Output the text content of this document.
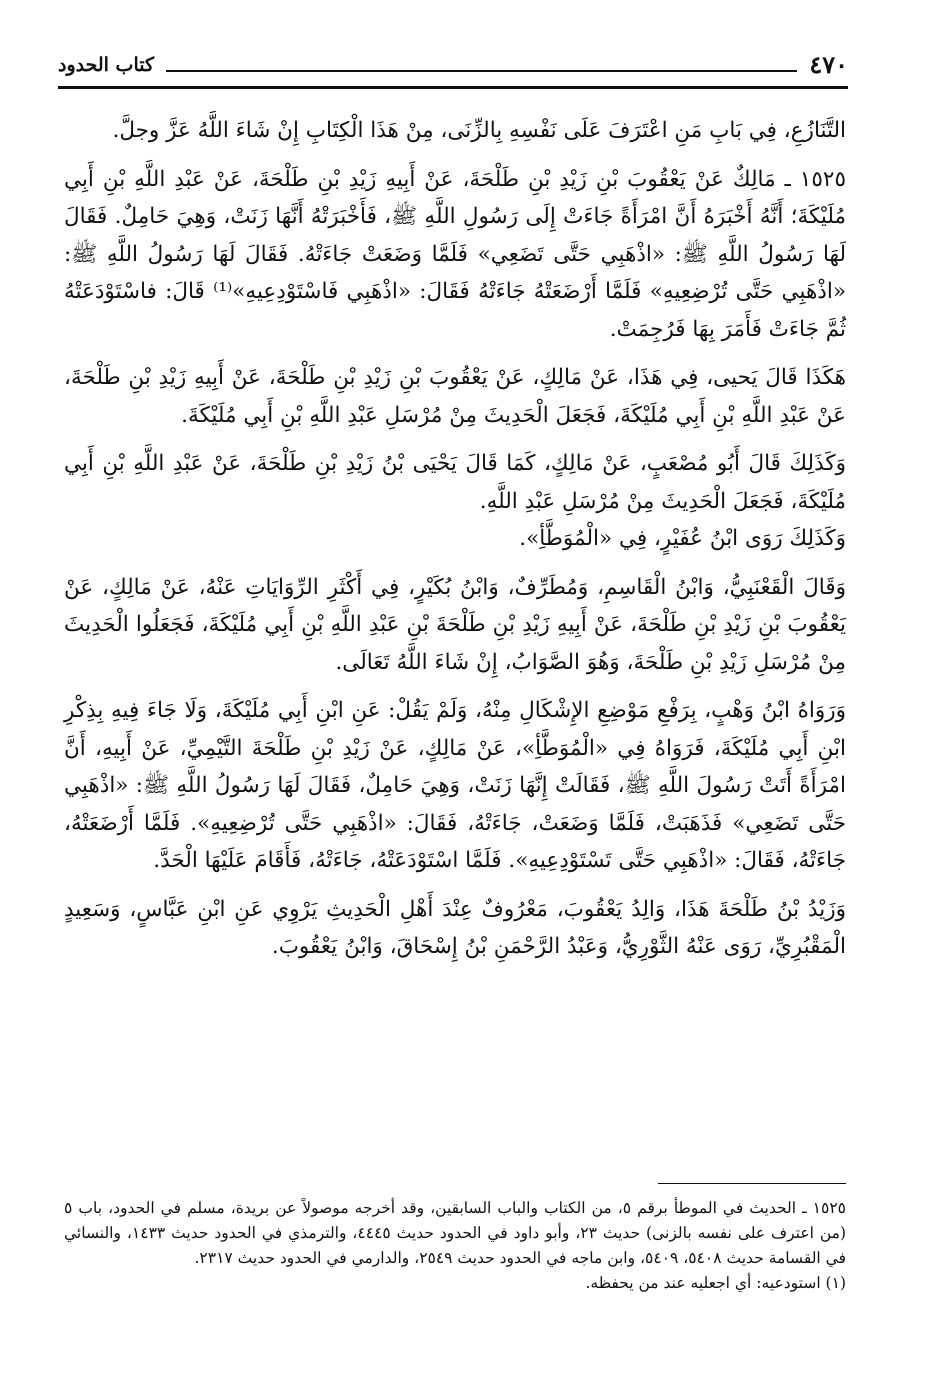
٤٧٠
كتاب الحدود

التَّنَازُعِ، فِي بَابِ مَنِ اعْتَرَفَ عَلَى نَفْسِهِ بِالزِّنَى، مِنْ هَذَا الْكِتَابِ إِنْ شَاءَ اللَّهُ عَزَّ وجلَّ.

١٥٢٥ ـ مَالِكٌ عَنْ يَعْقُوبَ بْنِ زَيْدِ بْنِ طَلْحَةَ، عَنْ أَبِيهِ زَيْدِ بْنِ طَلْحَةَ، عَنْ عَبْدِ اللَّهِ بْنِ أَبِي مُلَيْكَةَ؛ أَنَّهُ أَخْبَرَهُ أَنَّ امْرَأَةً جَاءَتْ إِلَى رَسُولِ اللَّهِ ﷺ، فَأَخْبَرَتْهُ أَنَّهَا زَنَتْ، وَهِيَ حَامِلٌ. فَقَالَ لَهَا رَسُولُ اللَّهِ ﷺ: «اذْهَبِي حَتَّى تَضَعِي» فَلَمَّا وَضَعَتْ جَاءَتْهُ. فَقَالَ لَهَا رَسُولُ اللَّهِ ﷺ: «اذْهَبِي حَتَّى تُرْضِعِيهِ» فَلَمَّا أَرْضَعَتْهُ جَاءَتْهُ فَقَالَ: «اذْهَبِي فَاسْتَوْدِعِيهِ»⁽¹⁾ قَالَ: فاسْتَوْدَعَتْهُ ثُمَّ جَاءَتْ فَأَمَرَ بِهَا فَرُجِمَتْ.

هَكَذَا قَالَ يَحيى، فِي هَذَا، عَنْ مَالِكٍ، عَنْ يَعْقُوبَ بْنِ زَيْدِ بْنِ طَلْحَةَ، عَنْ أَبِيهِ زَيْدِ بْنِ طَلْحَةَ، عَنْ عَبْدِ اللَّهِ بْنِ أَبِي مُلَيْكَةَ، فَجَعَلَ الْحَدِيثَ مِنْ مُرْسَلِ عَبْدِ اللَّهِ بْنِ أَبِي مُلَيْكَةَ.

وَكَذَلِكَ قَالَ أَبُو مُصْعَبٍ، عَنْ مَالِكٍ، كَمَا قَالَ يَحْيَى بْنُ زَيْدِ بْنِ طَلْحَةَ، عَنْ عَبْدِ اللَّهِ بْنِ أَبِي مُلَيْكَةَ، فَجَعَلَ الْحَدِيثَ مِنْ مُرْسَلِ عَبْدِ اللَّهِ.

وَكَذَلِكَ رَوَى ابْنُ عُفَيْرٍ، فِي «الْمُوَطَّأِ».

وَقَالَ الْقَعْنَبِيُّ، وَابْنُ الْقَاسِمِ، وَمُطَرِّفٌ، وَابْنُ بُكَيْرٍ، فِي أَكْثَرِ الرِّوَايَاتِ عَنْهُ، عَنْ مَالِكٍ، عَنْ يَعْقُوبَ بْنِ زَيْدِ بْنِ طَلْحَةَ، عَنْ أَبِيهِ زَيْدِ بْنِ طَلْحَةَ بْنِ عَبْدِ اللَّهِ بْنِ أَبِي مُلَيْكَةَ، فَجَعَلُوا الْحَدِيثَ مِنْ مُرْسَلِ زَيْدِ بْنِ طَلْحَةَ، وَهُوَ الصَّوَابُ، إِنْ شَاءَ اللَّهُ تَعَالَى.

وَرَوَاهُ ابْنُ وَهْبٍ، بِرَفْعِ مَوْضِعِ الإِشْكَالِ مِنْهُ، وَلَمْ يَقُلْ: عَنِ ابْنِ أَبِي مُلَيْكَةَ، وَلَا جَاءَ فِيهِ بِذِكْرِ ابْنِ أَبِي مُلَيْكَةَ، فَرَوَاهُ فِي «الْمُوَطَّأِ»، عَنْ مَالِكٍ، عَنْ زَيْدِ بْنِ طَلْحَةَ التَّيْمِيِّ، عَنْ أَبِيهِ، أَنَّ امْرَأَةً أَتَتْ رَسُولَ اللَّهِ ﷺ، فَقَالَتْ إِنَّهَا زَنَتْ، وَهِيَ حَامِلٌ، فَقَالَ لَهَا رَسُولُ اللَّهِ ﷺ: «اذْهَبِي حَتَّى تَضَعِي» فَذَهَبَتْ، فَلَمَّا وَضَعَتْ، جَاءَتْهُ، فَقَالَ: «اذْهَبِي حَتَّى تُرْضِعِيهِ». فَلَمَّا أَرْضَعَتْهُ، جَاءَتْهُ، فَقَالَ: «اذْهَبِي حَتَّى تَسْتَوْدِعِيهِ». فَلَمَّا اسْتَوْدَعَتْهُ، جَاءَتْهُ، فَأَقَامَ عَلَيْهَا الْحَدَّ.

وَزَيْدُ بْنُ طَلْحَةَ هَذَا، وَالِدُ يَعْقُوبَ، مَعْرُوفٌ عِنْدَ أَهْلِ الْحَدِيثِ يَرْوِي عَنِ ابْنِ عَبَّاسٍ، وَسَعِيدٍ الْمَقْبُرِيِّ، رَوَى عَنْهُ الثَّوْرِيُّ، وَعَبْدُ الرَّحْمَنِ بْنُ إِسْحَاقَ، وَابْنُ يَعْقُوبَ.

١٥٢٥ ـ الحديث في الموطأ برقم ٥، من الكتاب والباب السابقين، وقد أخرجه موصولاً عن بريدة، مسلم في الحدود، باب ٥ (من اعترف على نفسه بالزنى) حديث ٢٣، وأبو داود في الحدود حديث ٤٤٤٥، والترمذي في الحدود حديث ١٤٣٣، والنسائي في القسامة حديث ٥٤٠٨، ٥٤٠٩، وابن ماجه في الحدود حديث ٢٥٤٩، والدارمي في الحدود حديث ٢٣١٧.

(١) استودعيه: أي اجعليه عند من يحفظه.
